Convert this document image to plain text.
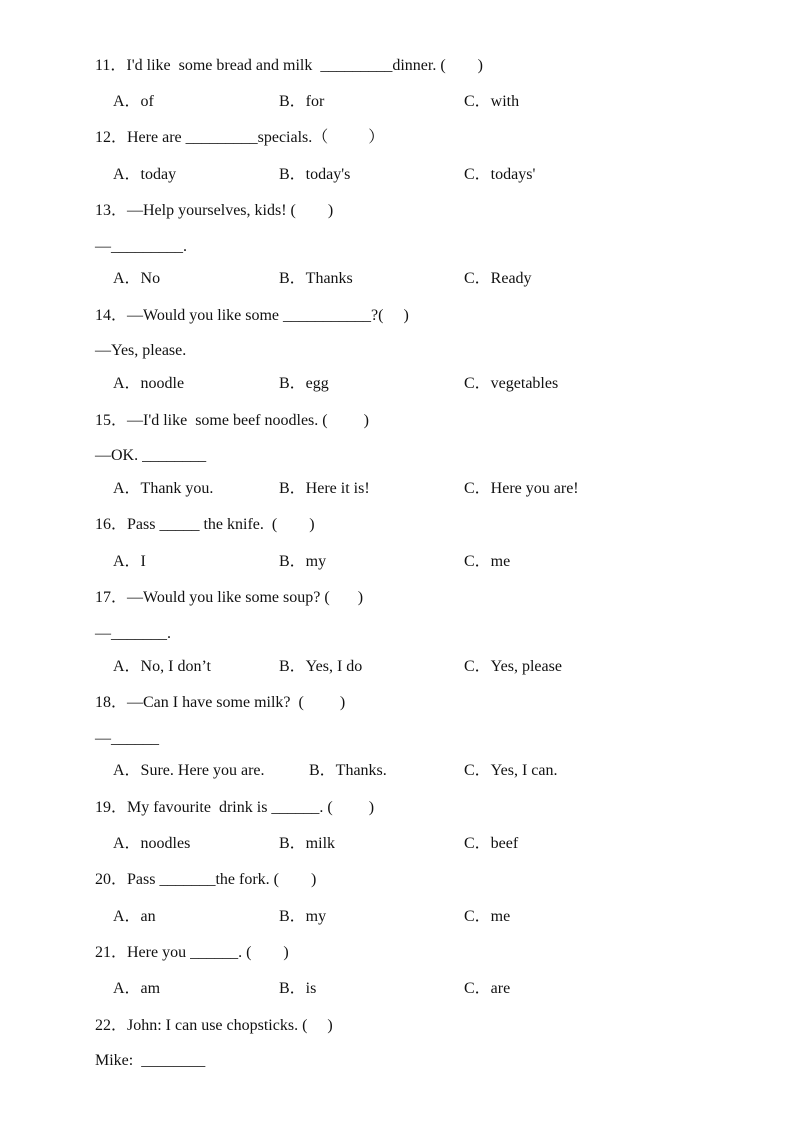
11．I'd like  some bread and milk  _________dinner. (        )
A．of	B．for	C．with
12．Here are _________specials.（          ）
A．today	B．today's	C．todays'
13．—Help yourselves, kids! (        )
—_________.
A．No	B．Thanks	C．Ready
14．—Would you like some ___________?(     )
—Yes, please.
A．noodle	B．egg	C．vegetables
15．—I'd like  some beef noodles. (         )
—OK. ________
A．Thank you.	B．Here it is!	C．Here you are!
16．Pass _____ the knife.  (        )
A．I	B．my	C．me
17．—Would you like some soup? (       )
—_______.
A．No, I don’t	B．Yes, I do	C．Yes, please
18．—Can I have some milk?  (         )
—______
A．Sure. Here you are.	B．Thanks.	C．Yes, I can.
19．My favourite  drink is ______. (         )
A．noodles	B．milk	C．beef
20．Pass _______the fork. (        )
A．an	B．my	C．me
21．Here you ______. (        )
A．am	B．is	C．are
22．John: I can use chopsticks. (     )
Mike:  ________
